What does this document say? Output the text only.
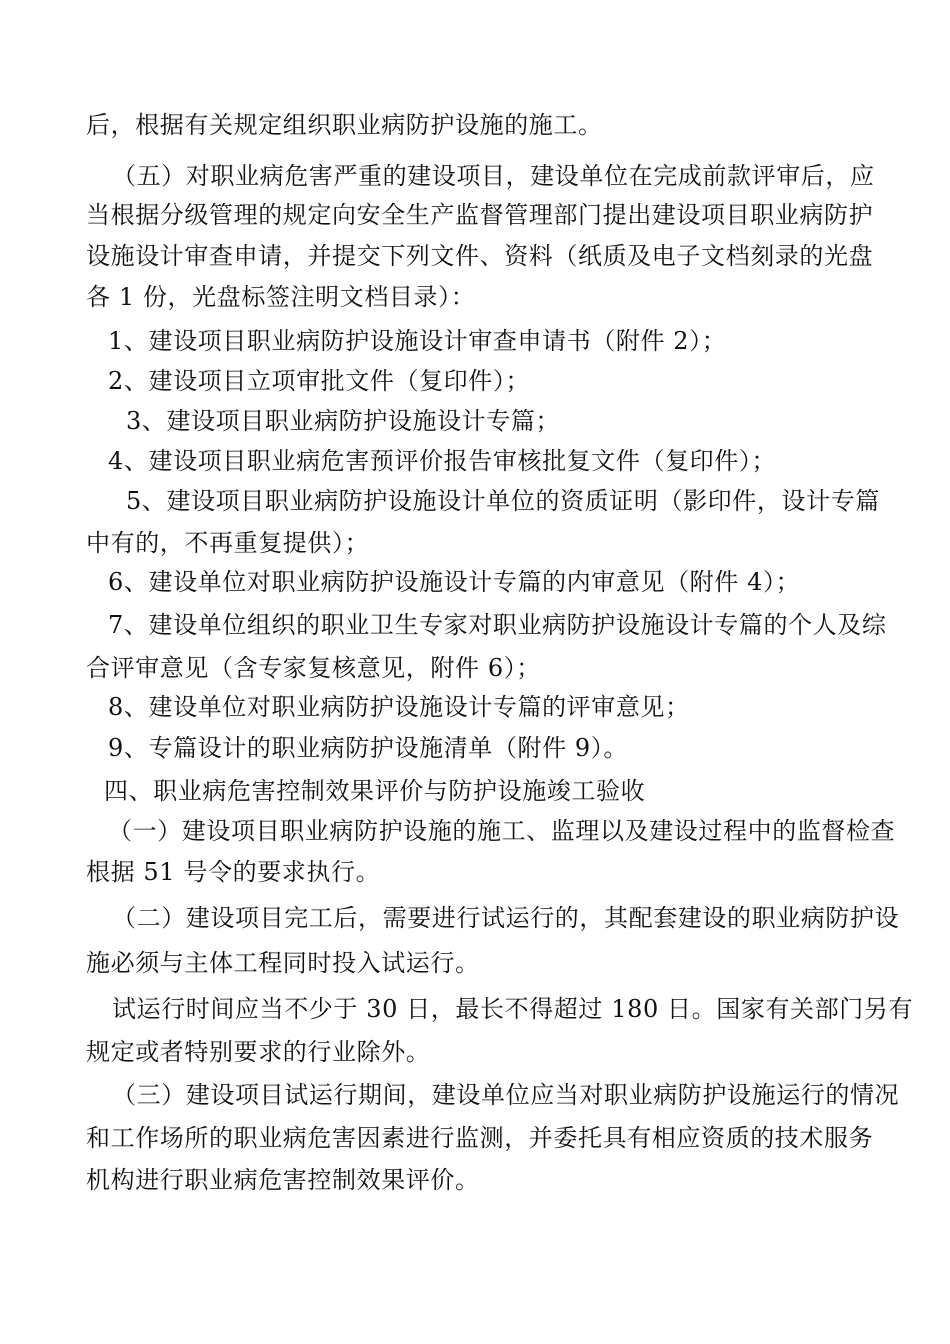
后，根据有关规定组织职业病防护设施的施工。
（五）对职业病危害严重的建设项目，建设单位在完成前款评审后，应
当根据分级管理的规定向安全生产监督管理部门提出建设项目职业病防护
设施设计审查申请，并提交下列文件、资料（纸质及电子文档刻录的光盘
各 1 份，光盘标签注明文档目录）：
1、建设项目职业病防护设施设计审查申请书（附件 2）；
2、建设项目立项审批文件（复印件）；
3、建设项目职业病防护设施设计专篇；
4、建设项目职业病危害预评价报告审核批复文件（复印件）；
5、建设项目职业病防护设施设计单位的资质证明（影印件，设计专篇
中有的，不再重复提供）；
6、建设单位对职业病防护设施设计专篇的内审意见（附件 4）；
7、建设单位组织的职业卫生专家对职业病防护设施设计专篇的个人及综
合评审意见（含专家复核意见，附件 6）；
8、建设单位对职业病防护设施设计专篇的评审意见；
9、专篇设计的职业病防护设施清单（附件 9）。
四、职业病危害控制效果评价与防护设施竣工验收
（一）建设项目职业病防护设施的施工、监理以及建设过程中的监督检查
根据 51 号令的要求执行。
（二）建设项目完工后，需要进行试运行的，其配套建设的职业病防护设
施必须与主体工程同时投入试运行。
试运行时间应当不少于 30 日，最长不得超过 180 日。国家有关部门另有
规定或者特别要求的行业除外。
（三）建设项目试运行期间，建设单位应当对职业病防护设施运行的情况
和工作场所的职业病危害因素进行监测，并委托具有相应资质的技术服务
机构进行职业病危害控制效果评价。
